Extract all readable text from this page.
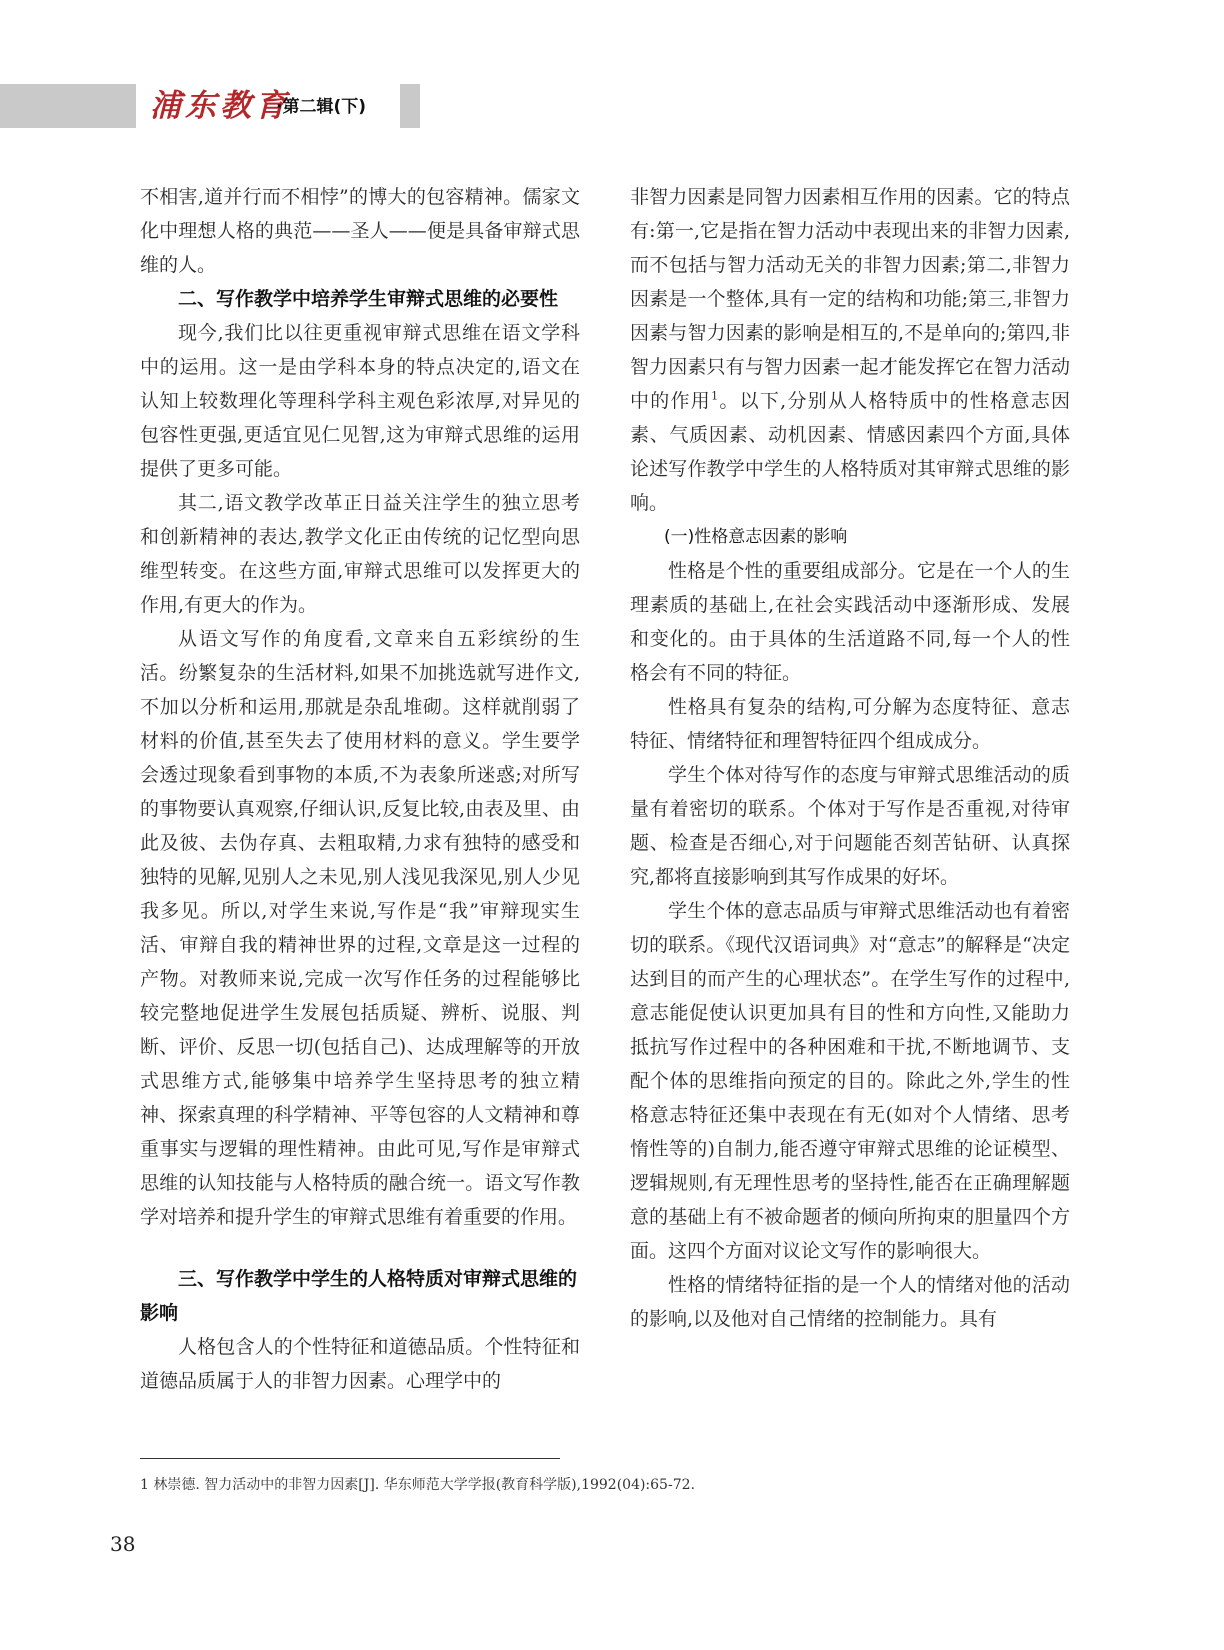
浦东教育
·第二辑(下)

不相害,道并行而不相悖”的博大的包容精神。儒家文化中理想人格的典范——圣人——便是具备审辩式思维的人。

二、写作教学中培养学生审辩式思维的必要性

现今,我们比以往更重视审辩式思维在语文学科中的运用。这一是由学科本身的特点决定的,语文在认知上较数理化等理科学科主观色彩浓厚,对异见的包容性更强,更适宜见仁见智,这为审辩式思维的运用提供了更多可能。

其二,语文教学改革正日益关注学生的独立思考和创新精神的表达,教学文化正由传统的记忆型向思维型转变。在这些方面,审辩式思维可以发挥更大的作用,有更大的作为。

从语文写作的角度看,文章来自五彩缤纷的生活。纷繁复杂的生活材料,如果不加挑选就写进作文,不加以分析和运用,那就是杂乱堆砌。这样就削弱了材料的价值,甚至失去了使用材料的意义。学生要学会透过现象看到事物的本质,不为表象所迷惑;对所写的事物要认真观察,仔细认识,反复比较,由表及里、由此及彼、去伪存真、去粗取精,力求有独特的感受和独特的见解,见别人之未见,别人浅见我深见,别人少见我多见。所以,对学生来说,写作是“我”审辩现实生活、审辩自我的精神世界的过程,文章是这一过程的产物。对教师来说,完成一次写作任务的过程能够比较完整地促进学生发展包括质疑、辨析、说服、判断、评价、反思一切(包括自己)、达成理解等的开放式思维方式,能够集中培养学生坚持思考的独立精神、探索真理的科学精神、平等包容的人文精神和尊重事实与逻辑的理性精神。由此可见,写作是审辩式思维的认知技能与人格特质的融合统一。语文写作教学对培养和提升学生的审辩式思维有着重要的作用。

三、写作教学中学生的人格特质对审辩式思维的影响

人格包含人的个性特征和道德品质。个性特征和道德品质属于人的非智力因素。心理学中的

非智力因素是同智力因素相互作用的因素。它的特点有:第一,它是指在智力活动中表现出来的非智力因素,而不包括与智力活动无关的非智力因素;第二,非智力因素是一个整体,具有一定的结构和功能;第三,非智力因素与智力因素的影响是相互的,不是单向的;第四,非智力因素只有与智力因素一起才能发挥它在智力活动中的作用$^1$。以下,分别从人格特质中的性格意志因素、气质因素、动机因素、情感因素四个方面,具体论述写作教学中学生的人格特质对其审辩式思维的影响。

(一)性格意志因素的影响

性格是个性的重要组成部分。它是在一个人的生理素质的基础上,在社会实践活动中逐渐形成、发展和变化的。由于具体的生活道路不同,每一个人的性格会有不同的特征。

性格具有复杂的结构,可分解为态度特征、意志特征、情绪特征和理智特征四个组成成分。

学生个体对待写作的态度与审辩式思维活动的质量有着密切的联系。个体对于写作是否重视,对待审题、检查是否细心,对于问题能否刻苦钻研、认真探究,都将直接影响到其写作成果的好坏。

学生个体的意志品质与审辩式思维活动也有着密切的联系。《现代汉语词典》对“意志”的解释是“决定达到目的而产生的心理状态”。在学生写作的过程中,意志能促使认识更加具有目的性和方向性,又能助力抵抗写作过程中的各种困难和干扰,不断地调节、支配个体的思维指向预定的目的。除此之外,学生的性格意志特征还集中表现在有无(如对个人情绪、思考惰性等的)自制力,能否遵守审辩式思维的论证模型、逻辑规则,有无理性思考的坚持性,能否在正确理解题意的基础上有不被命题者的倾向所拘束的胆量四个方面。这四个方面对议论文写作的影响很大。

性格的情绪特征指的是一个人的情绪对他的活动的影响,以及他对自己情绪的控制能力。具有

1 林崇德. 智力活动中的非智力因素[J]. 华东师范大学学报(教育科学版),1992(04):65-72.
38
